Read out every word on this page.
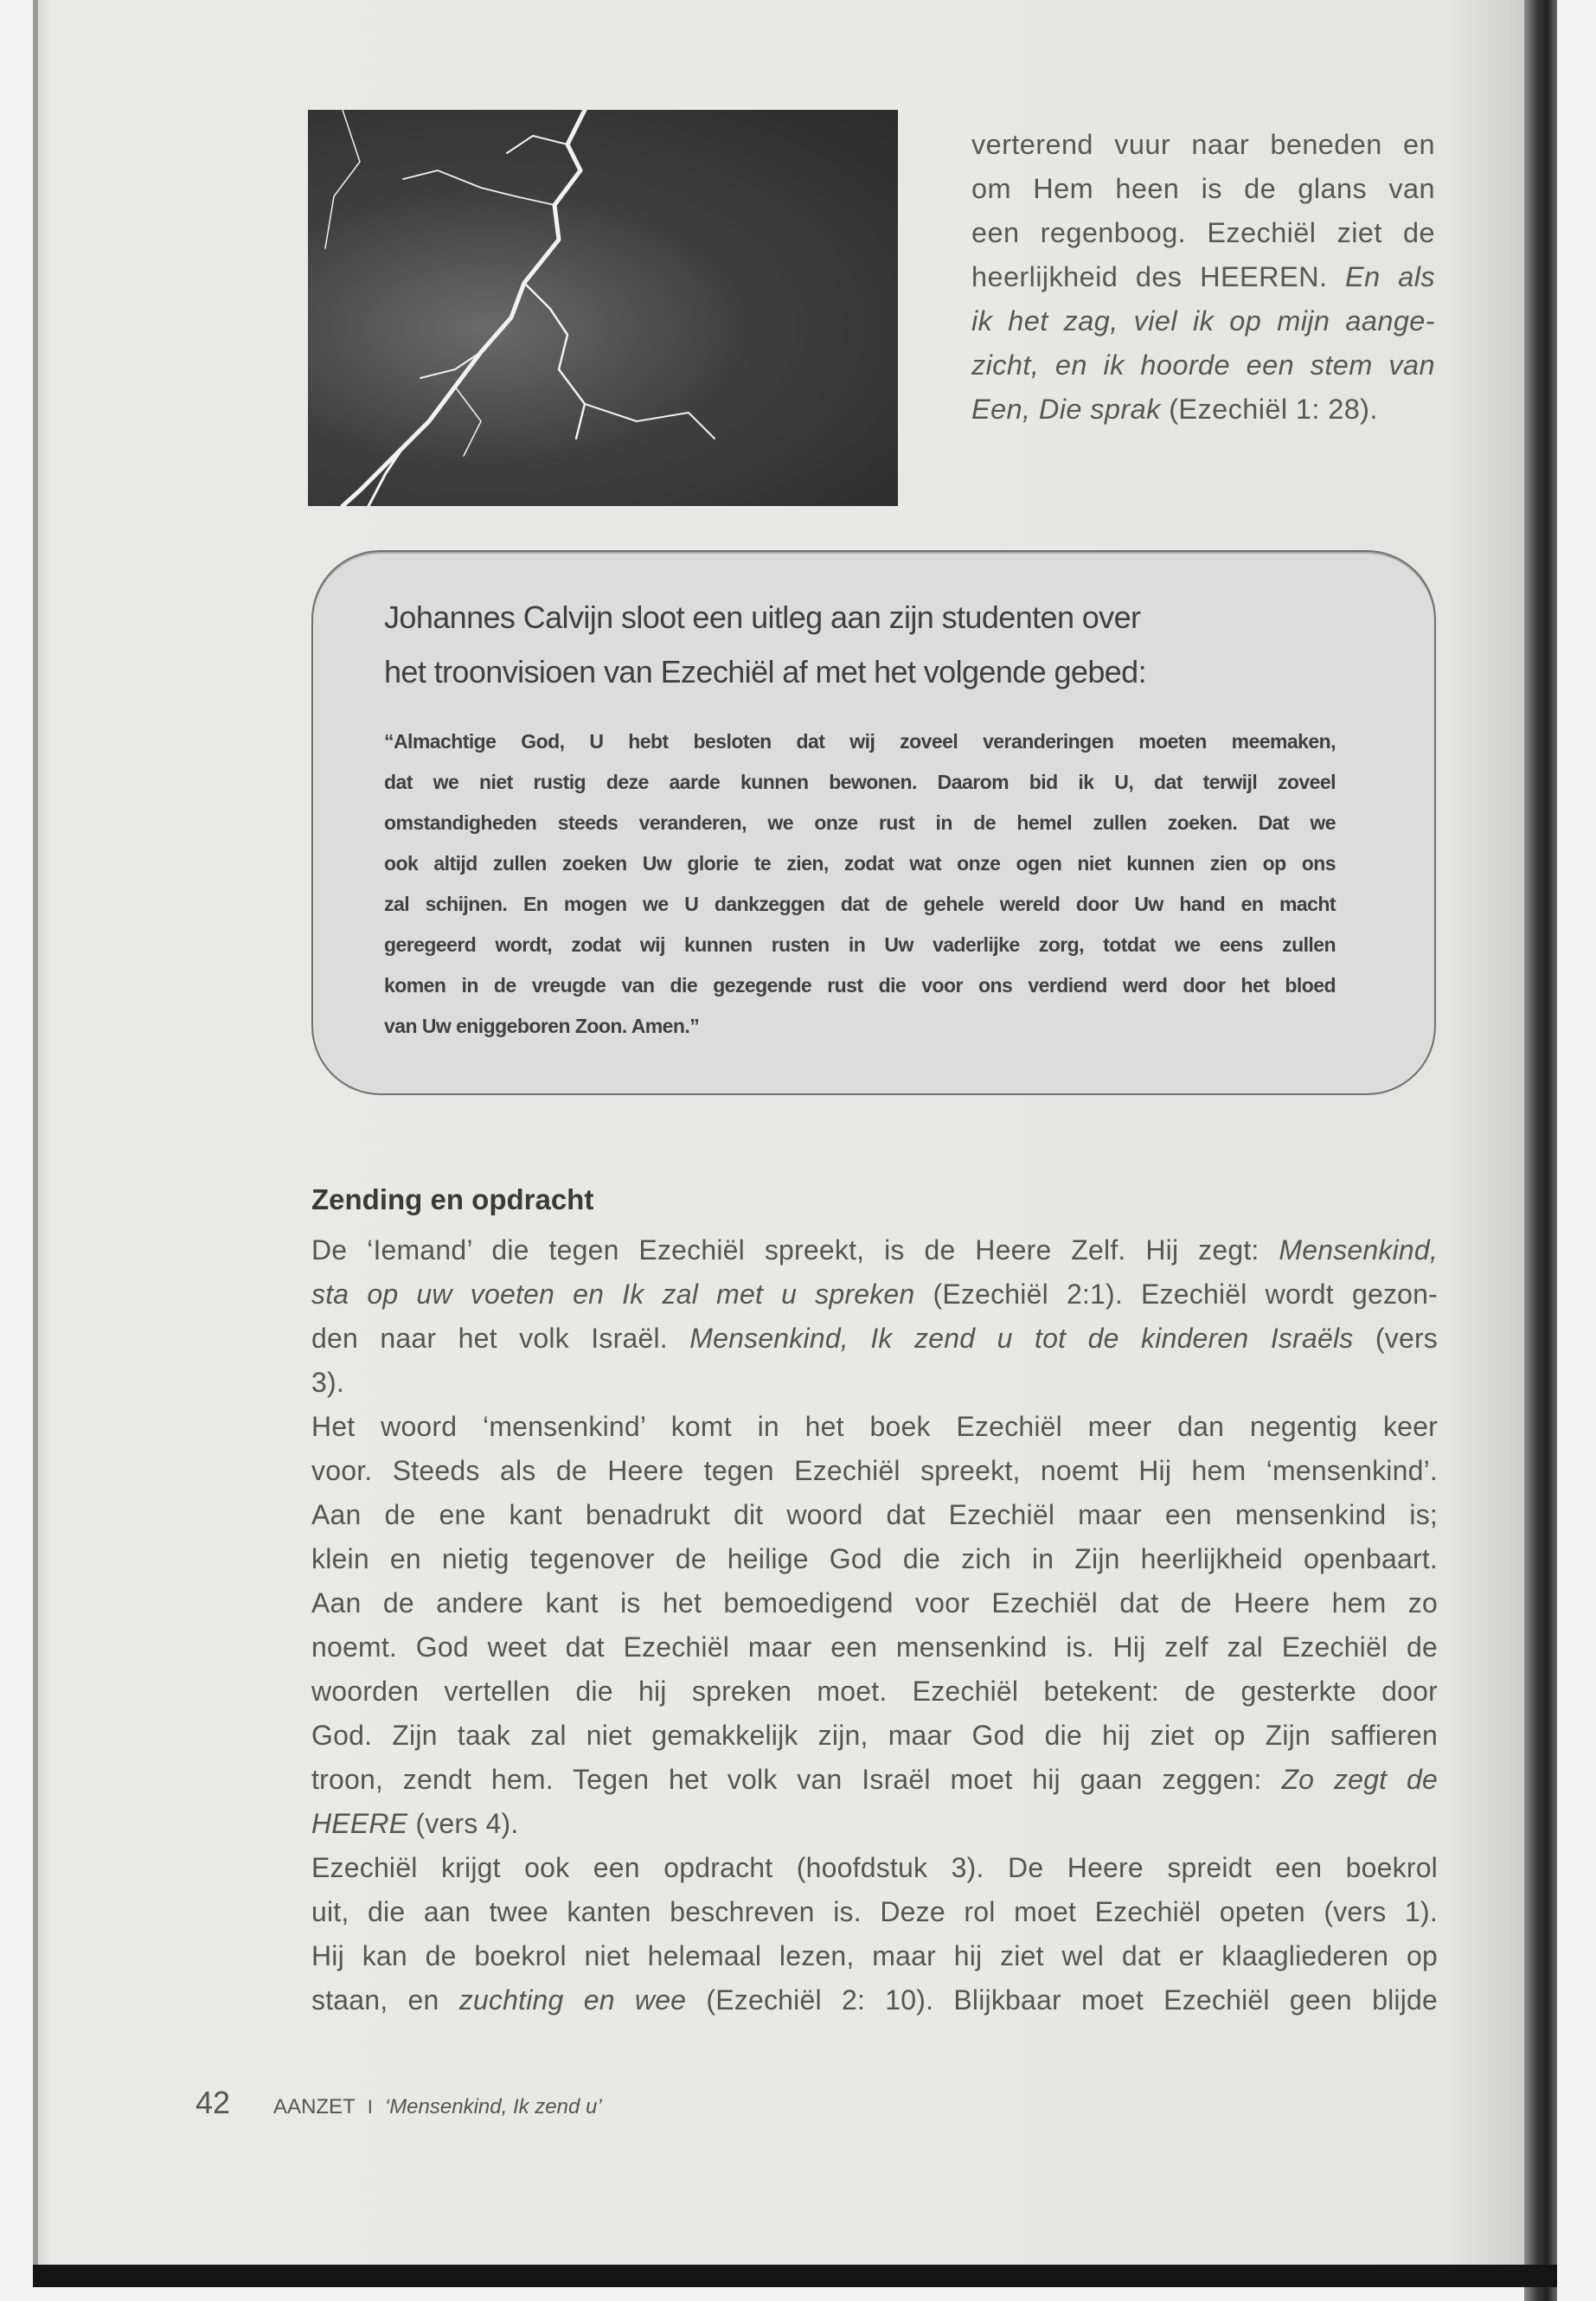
verterend vuur naar beneden en
om Hem heen is de glans van
een regenboog. Ezechiël ziet de
heerlijkheid des HEEREN. En als
ik het zag, viel ik op mijn aange-
zicht, en ik hoorde een stem van
Een, Die sprak (Ezechiël 1: 28).
Johannes Calvijn sloot een uitleg aan zijn studenten over
het troonvisioen van Ezechiël af met het volgende gebed:
“Almachtige God, U hebt besloten dat wij zoveel veranderingen moeten meemaken,
dat we niet rustig deze aarde kunnen bewonen. Daarom bid ik U, dat terwijl zoveel
omstandigheden steeds veranderen, we onze rust in de hemel zullen zoeken. Dat we
ook altijd zullen zoeken Uw glorie te zien, zodat wat onze ogen niet kunnen zien op ons
zal schijnen. En mogen we U dankzeggen dat de gehele wereld door Uw hand en macht
geregeerd wordt, zodat wij kunnen rusten in Uw vaderlijke zorg, totdat we eens zullen
komen in de vreugde van die gezegende rust die voor ons verdiend werd door het bloed
van Uw eniggeboren Zoon. Amen.”
Zending en opdracht
De ‘Iemand’ die tegen Ezechiël spreekt, is de Heere Zelf. Hij zegt: Mensenkind,
sta op uw voeten en Ik zal met u spreken (Ezechiël 2:1). Ezechiël wordt gezon-
den naar het volk Israël. Mensenkind, Ik zend u tot de kinderen Israëls (vers
3).
Het woord ‘mensenkind’ komt in het boek Ezechiël meer dan negentig keer
voor. Steeds als de Heere tegen Ezechiël spreekt, noemt Hij hem ‘mensenkind’.
Aan de ene kant benadrukt dit woord dat Ezechiël maar een mensenkind is;
klein en nietig tegenover de heilige God die zich in Zijn heerlijkheid openbaart.
Aan de andere kant is het bemoedigend voor Ezechiël dat de Heere hem zo
noemt. God weet dat Ezechiël maar een mensenkind is. Hij zelf zal Ezechiël de
woorden vertellen die hij spreken moet. Ezechiël betekent: de gesterkte door
God. Zijn taak zal niet gemakkelijk zijn, maar God die hij ziet op Zijn saffieren
troon, zendt hem. Tegen het volk van Israël moet hij gaan zeggen: Zo zegt de
HEERE (vers 4).
Ezechiël krijgt ook een opdracht (hoofdstuk 3). De Heere spreidt een boekrol
uit, die aan twee kanten beschreven is. Deze rol moet Ezechiël opeten (vers 1).
Hij kan de boekrol niet helemaal lezen, maar hij ziet wel dat er klaagliederen op
staan, en zuchting en wee (Ezechiël 2: 10). Blijkbaar moet Ezechiël geen blijde
42 AANZET I ‘Mensenkind, Ik zend u’
